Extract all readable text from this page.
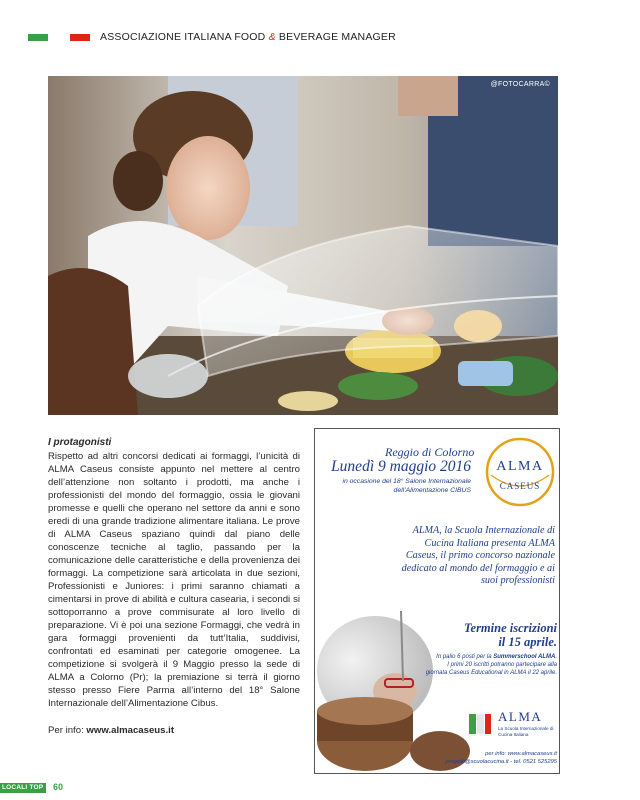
ASSOCIAZIONE ITALIANA FOOD & BEVERAGE MANAGER
@FOTOCARRA©
I protagonisti

Rispetto ad altri concorsi dedicati ai formaggi, l’unicità di ALMA Caseus consiste appunto nel mettere al centro dell’attenzione non soltanto i prodotti, ma anche i professionisti del mondo del formaggio, ossia le giovani promesse e quelli che operano nel settore da anni e sono eredi di una grande tradizione alimentare italiana. Le prove di ALMA Caseus spaziano quindi dal piano delle conoscenze tecniche al taglio, passando per la comunicazione delle caratteristiche e della provenienza dei formaggi. La competizione sarà articolata in due sezioni, Professionisti e Juniores: i primi saranno chiamati a cimentarsi in prove di abilità e cultura casearia, i secondi si sottoporranno a prove commisurate al loro livello di preparazione. Vi è poi una sezione Formaggi, che vedrà in gara formaggi provenienti da tutt’Italia, suddivisi, confrontati ed esaminati per categorie omogenee. La competizione si svolgerà il 9 Maggio presso la sede di ALMA a Colorno (Pr); la premiazione si terrà il giorno stesso presso Fiere Parma all’interno del 18° Salone Internazionale dell’Alimentazione Cibus.

Per info: www.almacaseus.it

Reggio di Colorno
Lunedì 9 maggio 2016
in occasione del 18° Salone Internazionale dell’Alimentazione CIBUS
ALMA
CASEUS
ALMA, la Scuola Internazionale di Cucina Italiana presenta ALMA Caseus, il primo concorso nazionale dedicato al mondo del formaggio e ai suoi professionisti
Termine iscrizioni
il 15 aprile.
In palio 6 posti per la Summerschool ALMA.
I primi 20 iscritti potranno partecipare alla giornata Caseus Educational in ALMA il 22 aprile.
ALMA
La Scuola Internazionale di Cucina Italiana
per info: www.almacaseus.it
progetti@scuolacucina.it - tel. 0521 525295
LOCALI TOP 60
